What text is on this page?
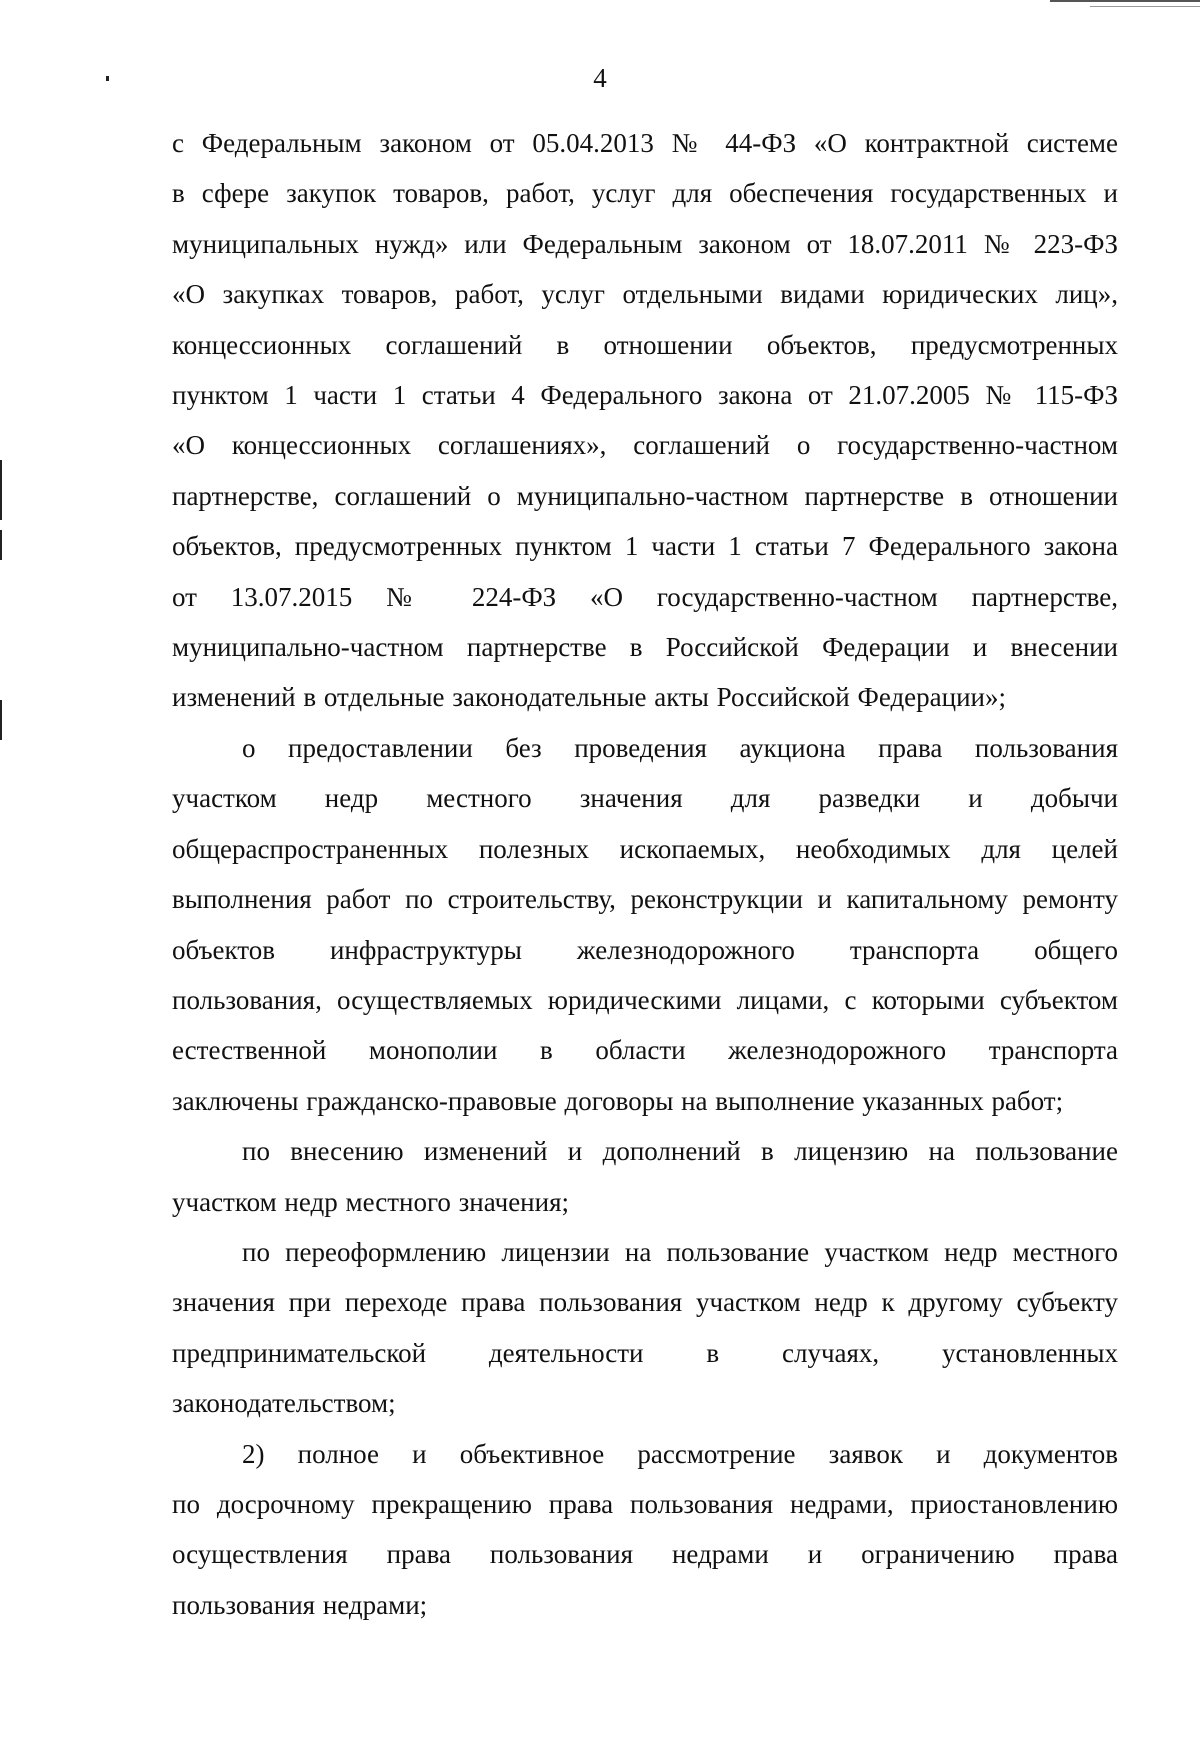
4

с Федеральным законом от 05.04.2013 № 44-ФЗ «О контрактной системе
в сфере закупок товаров, работ, услуг для обеспечения государственных и
муниципальных нужд» или Федеральным законом от 18.07.2011 № 223-ФЗ
«О закупках товаров, работ, услуг отдельными видами юридических лиц»,
концессионных соглашений в отношении объектов, предусмотренных
пунктом 1 части 1 статьи 4 Федерального закона от 21.07.2005 № 115-ФЗ
«О концессионных соглашениях», соглашений о государственно-частном
партнерстве, соглашений о муниципально-частном партнерстве в отношении
объектов, предусмотренных пунктом 1 части 1 статьи 7 Федерального закона
от 13.07.2015 № 224-ФЗ «О государственно-частном партнерстве,
муниципально-частном партнерстве в Российской Федерации и внесении
изменений в отдельные законодательные акты Российской Федерации»;

о предоставлении без проведения аукциона права пользования
участком недр местного значения для разведки и добычи
общераспространенных полезных ископаемых, необходимых для целей
выполнения работ по строительству, реконструкции и капитальному ремонту
объектов инфраструктуры железнодорожного транспорта общего
пользования, осуществляемых юридическими лицами, с которыми субъектом
естественной монополии в области железнодорожного транспорта
заключены гражданско-правовые договоры на выполнение указанных работ;

по внесению изменений и дополнений в лицензию на пользование
участком недр местного значения;

по переоформлению лицензии на пользование участком недр местного
значения при переходе права пользования участком недр к другому субъекту
предпринимательской деятельности в случаях, установленных
законодательством;

2) полное и объективное рассмотрение заявок и документов
по досрочному прекращению права пользования недрами, приостановлению
осуществления права пользования недрами и ограничению права
пользования недрами;
